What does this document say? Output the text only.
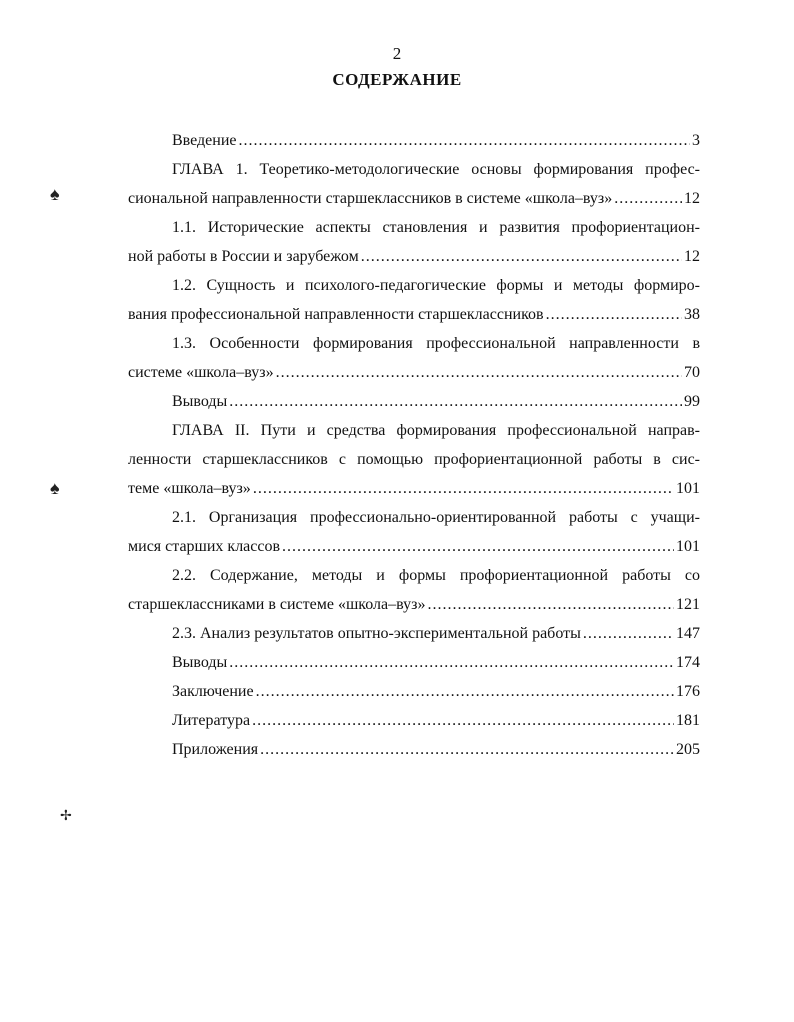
2
СОДЕРЖАНИЕ
Введение .....	3
ГЛАВА 1. Теоретико-методологические основы формирования профес-
сиональной направленности старшеклассников в системе «школа–вуз» .....	12
1.1. Исторические аспекты становления и развития профориентацион-
ной работы в России и зарубежом .....	12
1.2. Сущность и психолого-педагогические формы и методы формиро-
вания профессиональной направленности старшеклассников .....	38
1.3. Особенности формирования профессиональной направленности в
системе «школа–вуз» .....	70
Выводы .....	99
ГЛАВА II. Пути и средства формирования профессиональной направ-
ленности старшеклассников с помощью профориентационной работы в сис-
теме «школа–вуз» .....	101
2.1. Организация профессионально-ориентированной работы с учащи-
мися старших классов .....	101
2.2. Содержание, методы и формы профориентационной работы со
старшеклассниками в системе «школа–вуз» .....	121
2.3. Анализ результатов опытно-экспериментальной работы .....	147
Выводы .....	174
Заключение .....	176
Литература .....	181
Приложения .....	205
♠
♠
✢
